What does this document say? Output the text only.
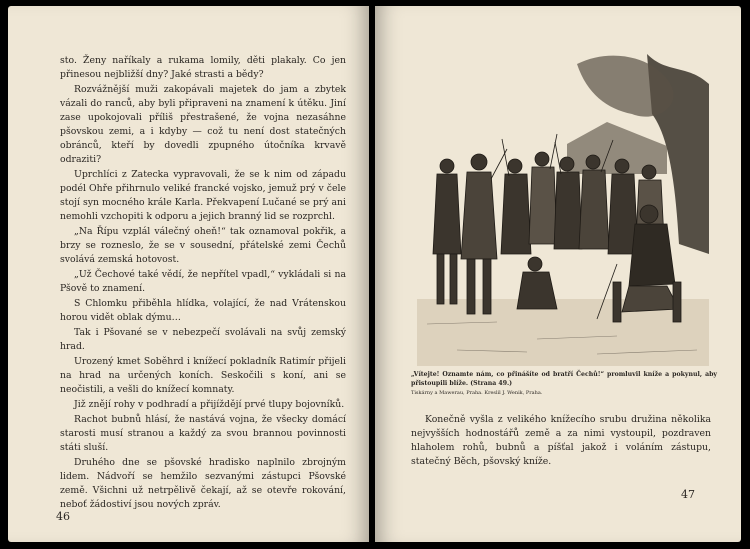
sto. Ženy naříkaly a rukama lomily, děti plakaly. Co jen přinesou nejbližší dny? Jaké strasti a bědy?

Rozvážnější muži zakopávali majetek do jam a zbytek vázali do ranců, aby byli připraveni na znamení k útěku. Jiní zase upokojovali příliš přestrašené, že vojna nezasáhne pšovskou zemi, a i kdyby — což tu není dost statečných obránců, kteří by dovedli zpupného útočníka krvavě odraziti?

Uprchlíci z Zatecka vypravovali, že se k nim od západu podél Ohře přihrnulo veliké francké vojsko, jemuž prý v čele stojí syn mocného krále Karla. Překvapení Lučané se prý ani nemohli vzchopiti k odporu a jejich branný lid se rozprchl.

„Na Řípu vzplál válečný oheň!“ tak oznamoval pokřik, a brzy se rozneslo, že se v sousední, přátelské zemi Čechů svolává zemská hotovost.

„Už Čechové také vědí, že nepřítel vpadl,“ vykládali si na Pšově to znamení.

S Chlomku přiběhla hlídka, volající, že nad Vrátenskou horou vidět oblak dýmu…

Tak i Pšované se v nebezpečí svolávali na svůj zemský hrad.

Urozený kmet Soběhrd i knížecí pokladník Ratimír přijeli na hrad na určených koních. Seskočili s koní, ani se neočistili, a vešli do knížecí komnaty.

Již znějí rohy v podhradí a přijíždějí prvé tlupy bojovníků.

Rachot bubnů hlásí, že nastává vojna, že všecky domácí starosti musí stranou a každý za svou brannou povinnosti státi sluší.

Druhého dne se pšovské hradisko naplnilo zbrojným lidem. Nádvoří se hemžilo sezvanými zástupci Pšovské země. Všichni už netrpělivě čekají, až se otevře rokování, neboť žádostiví jsou nových zpráv.

46
„Vítejte! Oznamte nám, co přinášíte od bratří Čechů!“ promluvil kníže a pokynul, aby přistoupili blíže. (Strana 49.)
Tiskárny a Mawerau, Praha. Kreslil J. Wenik, Praha.

Konečně vyšla z velikého knížecího srubu družina několika nejvyšších hodnostářů země a za nimi vystoupil, pozdraven hlaholem rohů, bubnů a píšťal jakož i voláním zástupu, statečný Běch, pšovský kníže.

47
